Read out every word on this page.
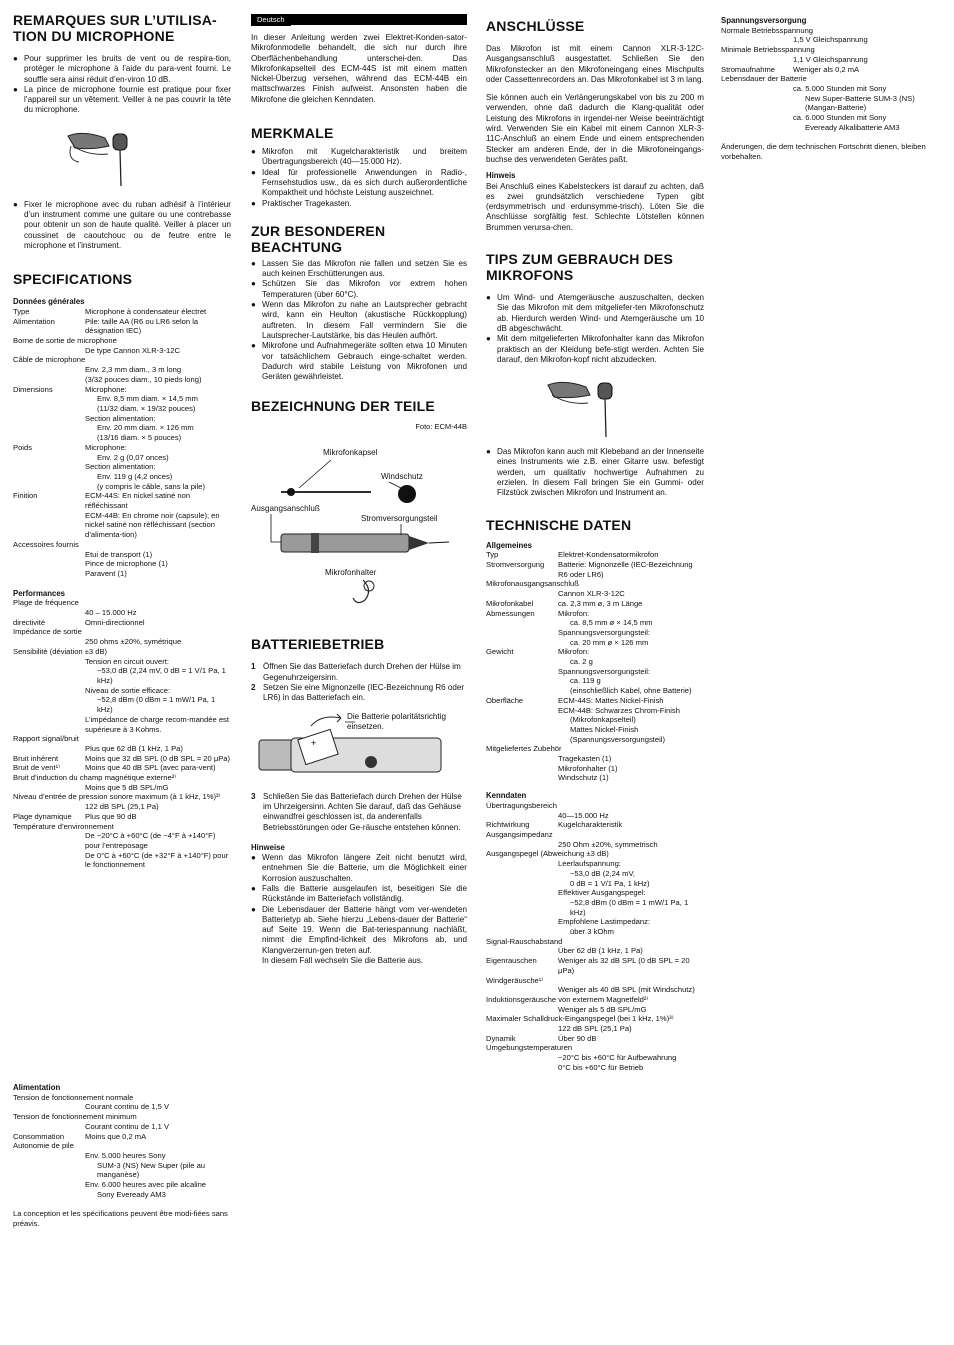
REMARQUES SUR L’UTILISA-TION DU MICROPHONE
● Pour supprimer les bruits de vent ou de respira-tion, protéger le microphone à l’aide du para-vent fourni. Le souffle sera ainsi réduit d’en-viron 10 dB.
● La pince de microphone fournie est pratique pour fixer l’appareil sur un vêtement. Veiller à ne pas couvrir la tête du microphone.
● Fixer le microphone avec du ruban adhésif à l’intérieur d’un instrument comme une guitare ou une contrebasse pour obtenir un son de haute qualité. Veiller à placer un coussinet de caoutchouc ou de feutre entre le microphone et l’instrument.
SPECIFICATIONS
Données générales
Type	Microphone à condensateur électret
Alimentation	Pile: taille AA (R6 ou LR6 selon la désignation IEC)
Borne de sortie de microphone
De type Cannon XLR-3-12C
Câble de microphone
Env. 2,3 mm diam., 3 m long
(3/32 pouces diam., 10 pieds long)
Dimensions	Microphone:
Env. 8,5 mm diam. × 14,5 mm
(11/32 diam. × 19/32 pouces)
Section alimentation:
Env. 20 mm diam. × 126 mm
(13/16 diam. × 5 pouces)
Poids	Microphone:
Env. 2 g (0,07 onces)
Section alimentation:
Env. 119 g (4,2 onces)
(y compris le câble, sans la pile)
Finition	ECM-44S: En nickel satiné non réfléchissant
ECM-44B: En chrome noir (capsule); en nickel satiné non réfléchissant (section d’alimenta-tion)
Accessoires fournis
Etui de transport (1)
Pince de microphone (1)
Paravent (1)
Performances
Plage de fréquence
40 – 15.000 Hz
directivité	Omni-directionnel
Impédance de sortie
250 ohms ±20%, symétrique
Sensibilité (déviation ±3 dB)
Tension en circuit ouvert:
−53,0 dB (2,24 mV, 0 dB = 1 V/1 Pa, 1 kHz)
Niveau de sortie efficace:
−52,8 dBm (0 dBm = 1 mW/1 Pa, 1 kHz)
L’impédance de charge recom-mandée est supérieure à 3 Kohms.
Rapport signal/bruit
Plus que 62 dB (1 kHz, 1 Pa)
Bruit inhérent	Moins que 32 dB SPL (0 dB SPL = 20 μPa)
Bruit de vent¹⁾	Moins que 40 dB SPL (avec para-vent)
Bruit d’induction du champ magnétique externe²⁾
Moins que 5 dB SPL/mG
Niveau d’entrée de pression sonore maximum (à 1 kHz, 1%)³⁾
122 dB SPL (25,1 Pa)
Plage dynamique	Plus que 90 dB
Température d’environnement
De −20°C à +60°C (de −4°F à +140°F) pour l’entreposage
De 0°C à +60°C (de +32°F à +140°F) pour le fonctionnement
Alimentation
Tension de fonctionnement normale
Courant continu de 1,5 V
Tension de fonctionnement minimum
Courant continu de 1,1 V
Consommation	Moins que 0,2 mA
Autonomie de pile
Env. 5.000 heures Sony
SUM-3 (NS) New Super (pile au manganèse)
Env. 6.000 heures avec pile alcaline
Sony Eveready AM3
La conception et les spécifications peuvent être modi-fiées sans préavis.
Deutsch

In dieser Anleitung werden zwei Elektret-Konden-sator-Mikrofonmodelle behandelt, die sich nur durch ihre Oberflächenbehandlung unterschei-den. Das Mikrofonkapselteil des ECM-44S ist mit einem matten Nickel-Überzug versehen, während das ECM-44B ein mattschwarzes Finish aufweist. Ansonsten haben die Mikrofone die gleichen Kenndaten.

MERKMALE
● Mikrofon mit Kugelcharakteristik und breitem Übertragungsbereich (40—15.000 Hz).
● Ideal für professionelle Anwendungen in Radio-, Fernsehstudios usw., da es sich durch außerordentliche Kompaktheit und höchste Leistung auszeichnet.
● Praktischer Tragekasten.
ZUR BESONDEREN BEACHTUNG
● Lassen Sie das Mikrofon nie fallen und setzen Sie es auch keinen Erschütterungen aus.
● Schützen Sie das Mikrofon vor extrem hohen Temperaturen (über 60°C).
● Wenn das Mikrofon zu nahe an Lautsprecher gebracht wird, kann ein Heulton (akustische Rückkopplung) auftreten. In diesem Fall vermindern Sie die Lautsprecher-Lautstärke, bis das Heulen aufhört.
● Mikrofone und Aufnahmegeräte sollten etwa 10 Minuten vor tatsächlichem Gebrauch einge-schaltet werden. Dadurch wird stabile Leistung von Mikrofonen und Geräten gewährleistet.
BEZEICHNUNG DER TEILE
Foto: ECM-44B
Mikrofonkapsel
Windschutz
Ausgangsanschluß
Stromversorgungsteil
Mikrofonhalter
BATTERIEBETRIEB
1 Öffnen Sie das Batteriefach durch Drehen der Hülse im Gegenuhrzeigersinn.
2 Setzen Sie eine Mignonzelle (IEC-Bezeichnung R6 oder LR6) in das Batteriefach ein.
Die Batterie polaritätsrichtig einsetzen.
+
3 Schließen Sie das Batteriefach durch Drehen der Hülse im Uhrzeigersinn. Achten Sie darauf, daß das Gehäuse einwandfrei geschlossen ist, da anderenfalls Betriebsstörungen oder Ge-räusche entstehen können.
Hinweise
● Wenn das Mikrofon längere Zeit nicht benutzt wird, entnehmen Sie die Batterie, um die Möglichkeit einer Korrosion auszuschalten.
● Falls die Batterie ausgelaufen ist, beseitigen Sie die Rückstände im Batteriefach vollständig.
● Die Lebensdauer der Batterie hängt vom ver-wendeten Batterietyp ab. Siehe hierzu „Lebens-dauer der Batterie“ auf Seite 19. Wenn die Bat-teriespannung nachläßt, nimmt die Empfind-lichkeit des Mikrofons ab, und Klangverzerrun-gen treten auf.
In diesem Fall wechseln Sie die Batterie aus.
ANSCHLÜSSE

Das Mikrofon ist mit einem Cannon XLR-3-12C-Ausgangsanschluß ausgestattet. Schließen Sie den Mikrofonstecker an den Mikrofoneingang eines Mischpults oder Cassettenrecorders an. Das Mikrofonkabel ist 3 m lang.

Sie können auch ein Verlängerungskabel von bis zu 200 m verwenden, ohne daß dadurch die Klang-qualität oder Leistung des Mikrofons in irgendei-ner Weise beeinträchtigt wird. Verwenden Sie ein Kabel mit einem Cannon XLR-3-11C-Anschluß an einem Ende und einem entsprechenden Stecker am anderen Ende, der in die Mikrofoneingangs-buchse des verwendeten Gerätes paßt.

Hinweis

Bei Anschluß eines Kabelsteckers ist darauf zu achten, daß es zwei grundsätzlich verschiedene Typen gibt (erdsymmetrisch und erdunsymme-trisch). Löten Sie die Anschlüsse sorgfältig fest. Schlechte Lötstellen können Brummen verursa-chen.

TIPS ZUM GEBRAUCH DES MIKROFONS
● Um Wind- und Atemgeräusche auszuschalten, decken Sie das Mikrofon mit dem mitgeliefer-ten Mikrofonschutz ab. Hierdurch werden Wind- und Atemgeräusche um 10 dB abgeschwächt.
● Mit dem mitgelieferten Mikrofonhalter kann das Mikrofon praktisch an der Kleidung befe-stigt werden. Achten Sie darauf, den Mikrofon-kopf nicht abzudecken.
● Das Mikrofon kann auch mit Klebeband an der Innenseite eines Instruments wie z.B. einer Gitarre usw. befestigt werden, um qualitativ hochwertige Aufnahmen zu erzielen. In diesem Fall bringen Sie ein Gummi- oder Filzstück zwischen Mikrofon und Instrument an.
TECHNISCHE DATEN
Allgemeines
Typ	Elektret-Kondensatormikrofon
Stromversorgung	Batterie: Mignonzelle (IEC-Bezeichnung R6 oder LR6)
Mikrofonausgangsanschluß
Cannon XLR-3-12C
Mikrofonkabel	ca. 2,3 mm ø, 3 m Länge
Abmessungen	Mikrofon:
ca. 8,5 mm ø × 14,5 mm
Spannungsversorgungsteil:
ca. 20 mm ø × 126 mm
Gewicht	Mikrofon:
ca. 2 g
Spannungsversorgungsteil:
ca. 119 g
(einschließlich Kabel, ohne Batterie)
Oberfläche	ECM-44S: Mattes Nickel-Finish
ECM-44B: Schwarzes Chrom-Finish
(Mikrofonkapselteil)
Mattes Nickel-Finish
(Spannungsversorgungsteil)
Mitgeliefertes Zubehör
Tragekasten (1)
Mikrofonhalter (1)
Windschutz (1)
Kenndaten
Übertragungsbereich
40—15.000 Hz
Richtwirkung	Kugelcharakteristik
Ausgangsimpedanz
250 Ohm ±20%, symmetrisch
Ausgangspegel (Abweichung ±3 dB)
Leerlaufspannung:
−53,0 dB (2,24 mV,
0 dB = 1 V/1 Pa, 1 kHz)
Effektiver Ausgangspegel:
−52,8 dBm (0 dBm = 1 mW/1 Pa, 1 kHz)
Empfohlene Lastimpedanz:
über 3 kOhm
Signal-Rauschabstand
Über 62 dB (1 kHz, 1 Pa)
Eigenrauschen	Weniger als 32 dB SPL (0 dB SPL = 20 μPa)
Windgeräusche¹⁾
Weniger als 40 dB SPL (mit Windschutz)
Induktionsgeräusche von externem Magnetfeld²⁾
Weniger als 5 dB SPL/mG
Maximaler Schalldruck-Eingangspegel (bei 1 kHz, 1%)³⁾
122 dB SPL (25,1 Pa)
Dynamik	Über 90 dB
Umgebungstemperaturen
−20°C bis +60°C für Aufbewahrung
0°C bis +60°C für Betrieb
Spannungsversorgung
Normale Betriebsspannung
1,5 V Gleichspannung
Minimale Betriebsspannung
1,1 V Gleichspannung
Stromaufnahme	Weniger als 0,2 mA
Lebensdauer der Batterie
ca. 5.000 Stunden mit Sony
New Super-Batterie SUM-3 (NS)
(Mangan-Batterie)
ca. 6.000 Stunden mit Sony
Eveready Alkalibatterie AM3
Änderungen, die dem technischen Fortschritt dienen, bleiben vorbehalten.
